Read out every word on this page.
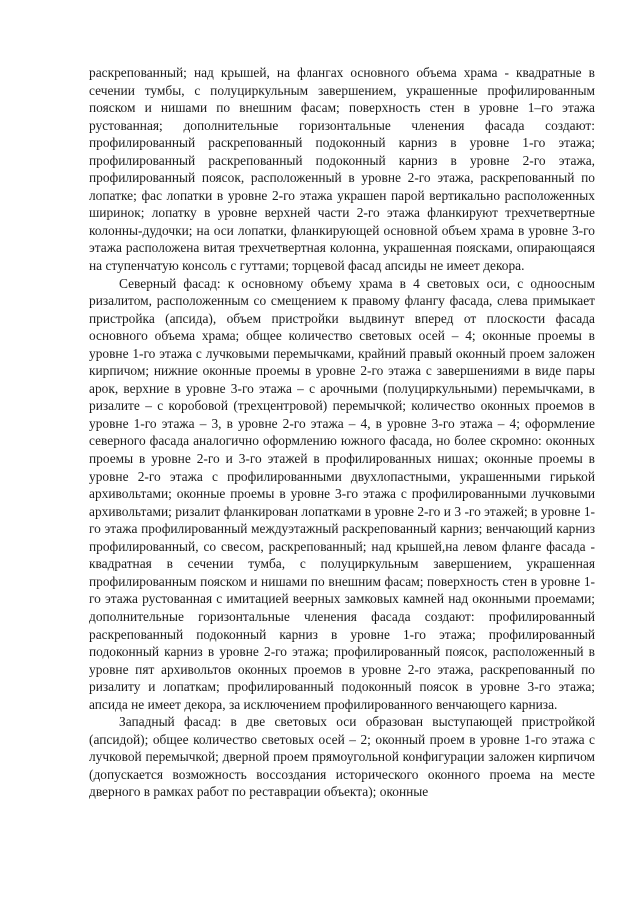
раскрепованный; над крышей, на флангах основного объема храма - квадратные в сечении тумбы, с полуциркульным завершением, украшенные профилированным пояском и нишами по внешним фасам; поверхность стен в уровне 1–го этажа рустованная; дополнительные горизонтальные членения фасада создают: профилированный раскрепованный подоконный карниз в уровне 1-го этажа; профилированный раскрепованный подоконный карниз в уровне 2-го этажа, профилированный поясок, расположенный в уровне 2-го этажа, раскрепованный по лопатке; фас лопатки в уровне 2-го этажа украшен парой вертикально расположенных ширинок; лопатку в уровне верхней части 2-го этажа фланкируют трехчетвертные колонны-дудочки; на оси лопатки, фланкирующей основной объем храма в уровне 3-го этажа расположена витая трехчетвертная колонна, украшенная поясками, опирающаяся на ступенчатую консоль с гуттами; торцевой фасад апсиды не имеет декора.

Северный фасад: к основному объему храма в 4 световых оси, с одноосным ризалитом, расположенным со смещением к правому флангу фасада, слева примыкает пристройка (апсида), объем пристройки выдвинут вперед от плоскости фасада основного объема храма; общее количество световых осей – 4; оконные проемы в уровне 1-го этажа с лучковыми перемычками, крайний правый оконный проем заложен кирпичом; нижние оконные проемы в уровне 2-го этажа с завершениями в виде пары арок, верхние в уровне 3-го этажа – с арочными (полуциркульными) перемычками, в ризалите – с коробовой (трехцентровой) перемычкой; количество оконных проемов в уровне 1-го этажа – 3, в уровне 2-го этажа – 4, в уровне 3-го этажа – 4; оформление северного фасада аналогично оформлению южного фасада, но более скромно: оконных проемы в уровне 2-го и 3-го этажей в профилированных нишах; оконные проемы в уровне 2-го этажа с профилированными двухлопастными, украшенными гирькой архивольтами; оконные проемы в уровне 3-го этажа с профилированными лучковыми архивольтами; ризалит фланкирован лопатками в уровне 2-го и 3 -го этажей; в уровне 1-го этажа профилированный междуэтажный раскрепованный карниз; венчающий карниз профилированный, со свесом, раскрепованный; над крышей,на левом фланге фасада - квадратная в сечении тумба, с полуциркульным завершением, украшенная профилированным пояском и нишами по внешним фасам; поверхность стен в уровне 1-го этажа рустованная с имитацией веерных замковых камней над оконными проемами; дополнительные горизонтальные членения фасада создают: профилированный раскрепованный подоконный карниз в уровне 1-го этажа; профилированный подоконный карниз в уровне 2-го этажа; профилированный поясок, расположенный в уровне пят архивольтов оконных проемов в уровне 2-го этажа, раскрепованный по ризалиту и лопаткам; профилированный подоконный поясок в уровне 3-го этажа; апсида не имеет декора, за исключением профилированного венчающего карниза.

Западный фасад: в две световых оси образован выступающей пристройкой (апсидой); общее количество световых осей – 2; оконный проем в уровне 1-го этажа с лучковой перемычкой; дверной проем прямоугольной конфигурации заложен кирпичом (допускается возможность воссоздания исторического оконного проема на месте дверного в рамках работ по реставрации объекта); оконные
